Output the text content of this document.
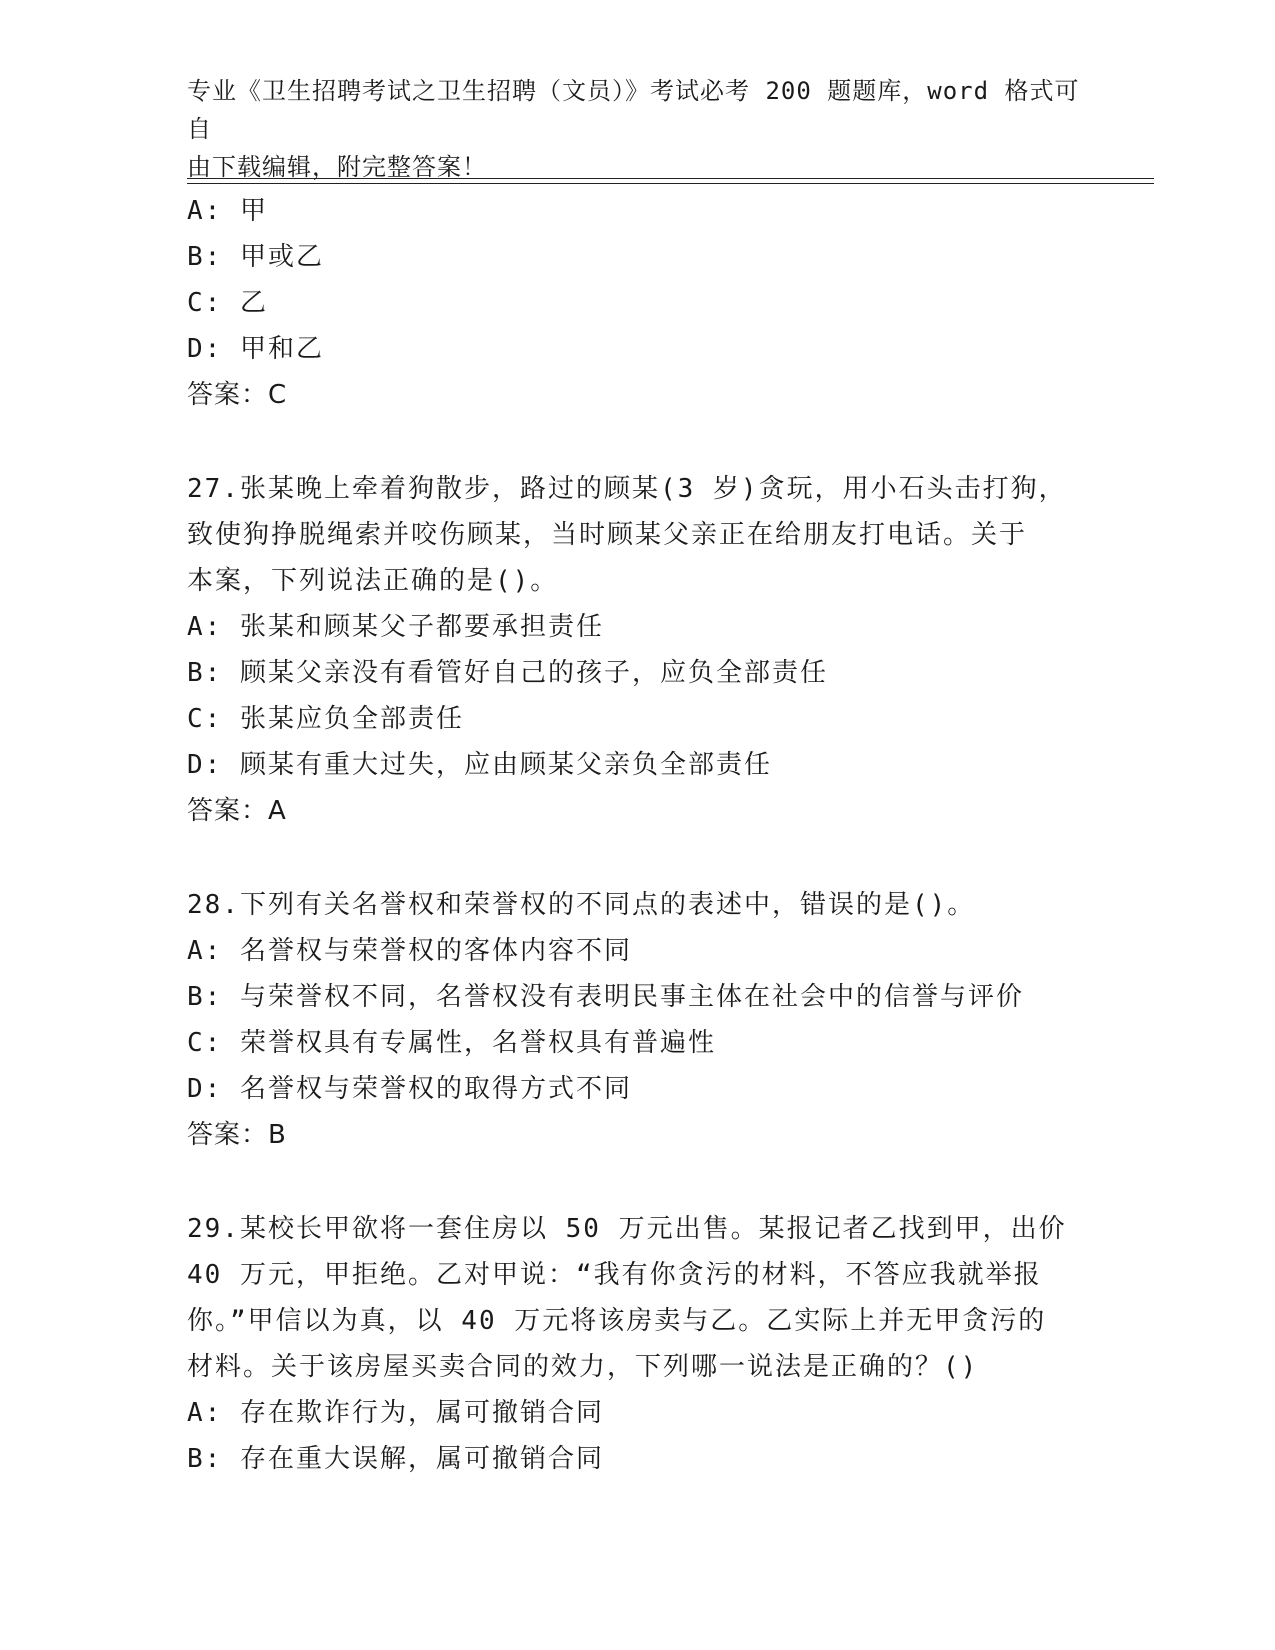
专业《卫生招聘考试之卫生招聘（文员）》考试必考 200 题题库，word 格式可自
由下载编辑，附完整答案！
A: 甲
B: 甲或乙
C: 乙
D: 甲和乙
答案：C
27.张某晚上牵着狗散步，路过的顾某(3 岁)贪玩，用小石头击打狗，
致使狗挣脱绳索并咬伤顾某，当时顾某父亲正在给朋友打电话。关于
本案，下列说法正确的是()。
A: 张某和顾某父子都要承担责任
B: 顾某父亲没有看管好自己的孩子，应负全部责任
C: 张某应负全部责任
D: 顾某有重大过失，应由顾某父亲负全部责任
答案：A
28.下列有关名誉权和荣誉权的不同点的表述中，错误的是()。
A: 名誉权与荣誉权的客体内容不同
B: 与荣誉权不同，名誉权没有表明民事主体在社会中的信誉与评价
C: 荣誉权具有专属性，名誉权具有普遍性
D: 名誉权与荣誉权的取得方式不同
答案：B
29.某校长甲欲将一套住房以 50 万元出售。某报记者乙找到甲，出价
40 万元，甲拒绝。乙对甲说：“我有你贪污的材料，不答应我就举报
你。”甲信以为真，以 40 万元将该房卖与乙。乙实际上并无甲贪污的
材料。关于该房屋买卖合同的效力，下列哪一说法是正确的？()
A: 存在欺诈行为，属可撤销合同
B: 存在重大误解，属可撤销合同
